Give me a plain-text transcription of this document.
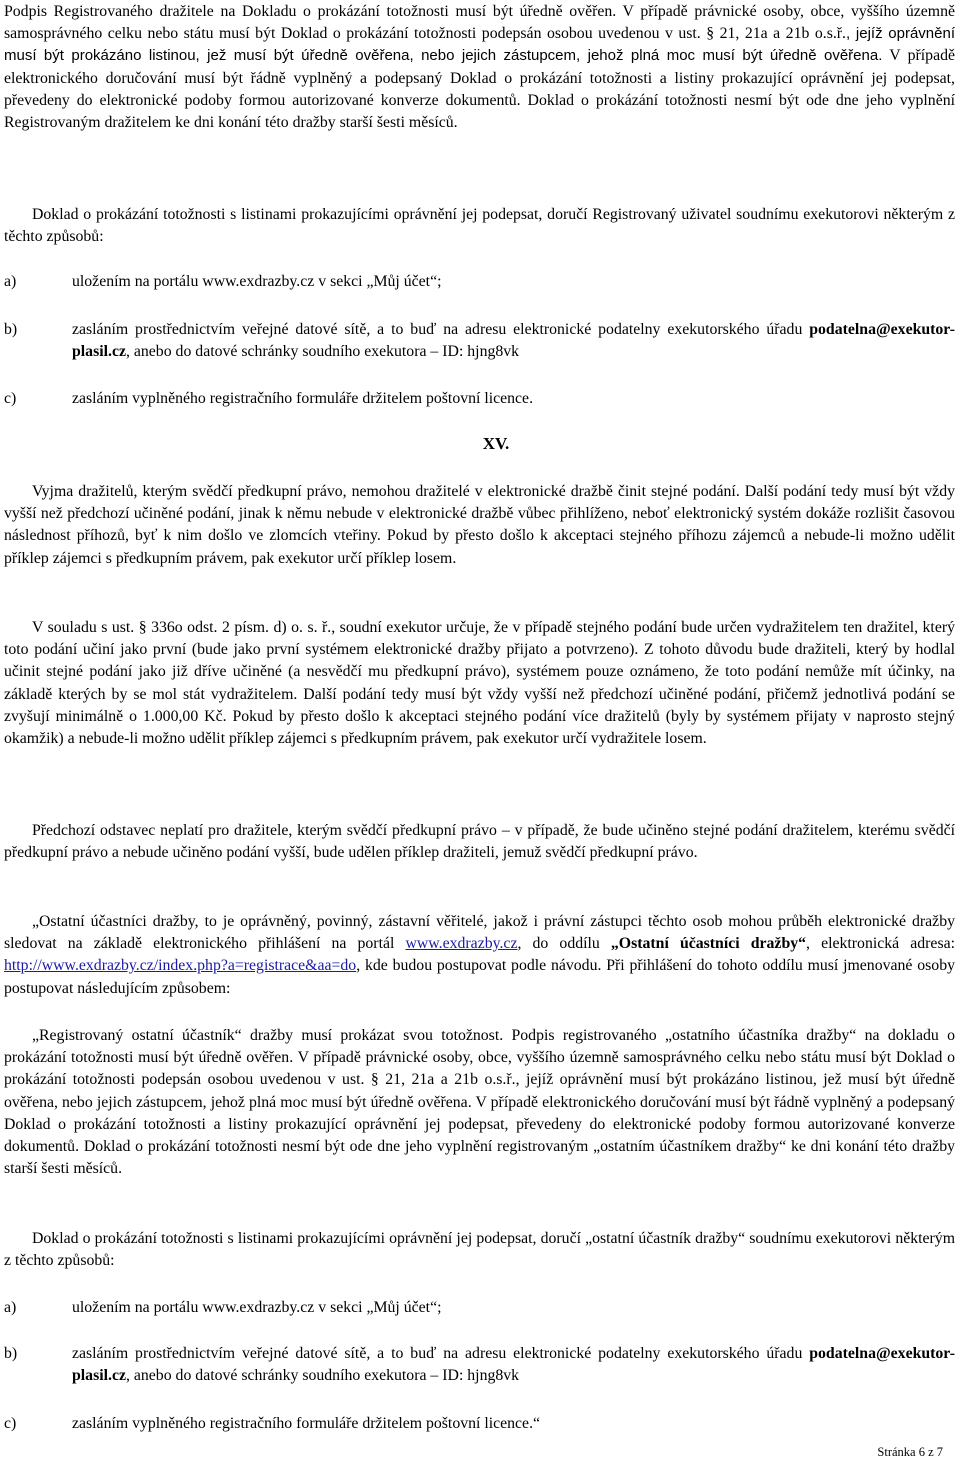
Podpis Registrovaného dražitele na Dokladu o prokázání totožnosti musí být úředně ověřen. V případě právnické osoby, obce, vyššího územně samosprávného celku nebo státu musí být Doklad o prokázání totožnosti podepsán osobou uvedenou v ust. § 21, 21a a 21b o.s.ř., jejíž oprávnění musí být prokázáno listinou, jež musí být úředně ověřena, nebo jejich zástupcem, jehož plná moc musí být úředně ověřena. V případě elektronického doručování musí být řádně vyplněný a podepsaný Doklad o prokázání totožnosti a listiny prokazující oprávnění jej podepsat, převedeny do elektronické podoby formou autorizované konverze dokumentů. Doklad o prokázání totožnosti nesmí být ode dne jeho vyplnění Registrovaným dražitelem ke dni konání této dražby starší šesti měsíců.

Doklad o prokázání totožnosti s listinami prokazujícími oprávnění jej podepsat, doručí Registrovaný uživatel soudnímu exekutorovi některým z těchto způsobů:

a)	uložením na portálu www.exdrazby.cz v sekci „Můj účet“;
b)	zasláním prostřednictvím veřejné datové sítě, a to buď na adresu elektronické podatelny exekutorského úřadu podatelna@exekutor-plasil.cz, anebo do datové schránky soudního exekutora – ID: hjng8vk
c)	zasláním vyplněného registračního formuláře držitelem poštovní licence.

XV.

Vyjma dražitelů, kterým svědčí předkupní právo, nemohou dražitelé v elektronické dražbě činit stejné podání. Další podání tedy musí být vždy vyšší než předchozí učiněné podání, jinak k němu nebude v elektronické dražbě vůbec přihlíženo, neboť elektronický systém dokáže rozlišit časovou následnost příhozů, byť k nim došlo ve zlomcích vteřiny. Pokud by přesto došlo k akceptaci stejného příhozu zájemců a nebude-li možno udělit příklep zájemci s předkupním právem, pak exekutor určí příklep losem.

V souladu s ust. § 336o odst. 2 písm. d) o. s. ř., soudní exekutor určuje, že v případě stejného podání bude určen vydražitelem ten dražitel, který toto podání učiní jako první (bude jako první systémem elektronické dražby přijato a potvrzeno). Z tohoto důvodu bude dražiteli, který by hodlal učinit stejné podání jako již dříve učiněné (a nesvědčí mu předkupní právo), systémem pouze oznámeno, že toto podání nemůže mít účinky, na základě kterých by se mol stát vydražitelem. Další podání tedy musí být vždy vyšší než předchozí učiněné podání, přičemž jednotlivá podání se zvyšují minimálně o 1.000,00 Kč. Pokud by přesto došlo k akceptaci stejného podání více dražitelů (byly by systémem přijaty v naprosto stejný okamžik) a nebude-li možno udělit příklep zájemci s předkupním právem, pak exekutor určí vydražitele losem.

Předchozí odstavec neplatí pro dražitele, kterým svědčí předkupní právo – v případě, že bude učiněno stejné podání dražitelem, kterému svědčí předkupní právo a nebude učiněno podání vyšší, bude udělen příklep dražiteli, jemuž svědčí předkupní právo.

„Ostatní účastníci dražby, to je oprávněný, povinný, zástavní věřitelé, jakož i právní zástupci těchto osob mohou průběh elektronické dražby sledovat na základě elektronického přihlášení na portál www.exdrazby.cz, do oddílu „Ostatní účastníci dražby“, elektronická adresa: http://www.exdrazby.cz/index.php?a=registrace&aa=do, kde budou postupovat podle návodu. Při přihlášení do tohoto oddílu musí jmenované osoby postupovat následujícím způsobem:

„Registrovaný ostatní účastník“ dražby musí prokázat svou totožnost. Podpis registrovaného „ostatního účastníka dražby“ na dokladu o prokázání totožnosti musí být úředně ověřen. V případě právnické osoby, obce, vyššího územně samosprávného celku nebo státu musí být Doklad o prokázání totožnosti podepsán osobou uvedenou v ust. § 21, 21a a 21b o.s.ř., jejíž oprávnění musí být prokázáno listinou, jež musí být úředně ověřena, nebo jejich zástupcem, jehož plná moc musí být úředně ověřena. V případě elektronického doručování musí být řádně vyplněný a podepsaný Doklad o prokázání totožnosti a listiny prokazující oprávnění jej podepsat, převedeny do elektronické podoby formou autorizované konverze dokumentů. Doklad o prokázání totožnosti nesmí být ode dne jeho vyplnění registrovaným „ostatním účastníkem dražby“ ke dni konání této dražby starší šesti měsíců.

Doklad o prokázání totožnosti s listinami prokazujícími oprávnění jej podepsat, doručí „ostatní účastník dražby“ soudnímu exekutorovi některým z těchto způsobů:

a)	uložením na portálu www.exdrazby.cz v sekci „Můj účet“;
b)	zasláním prostřednictvím veřejné datové sítě, a to buď na adresu elektronické podatelny exekutorského úřadu podatelna@exekutor-plasil.cz, anebo do datové schránky soudního exekutora – ID: hjng8vk
c)	zasláním vyplněného registračního formuláře držitelem poštovní licence.“
Stránka 6 z 7
